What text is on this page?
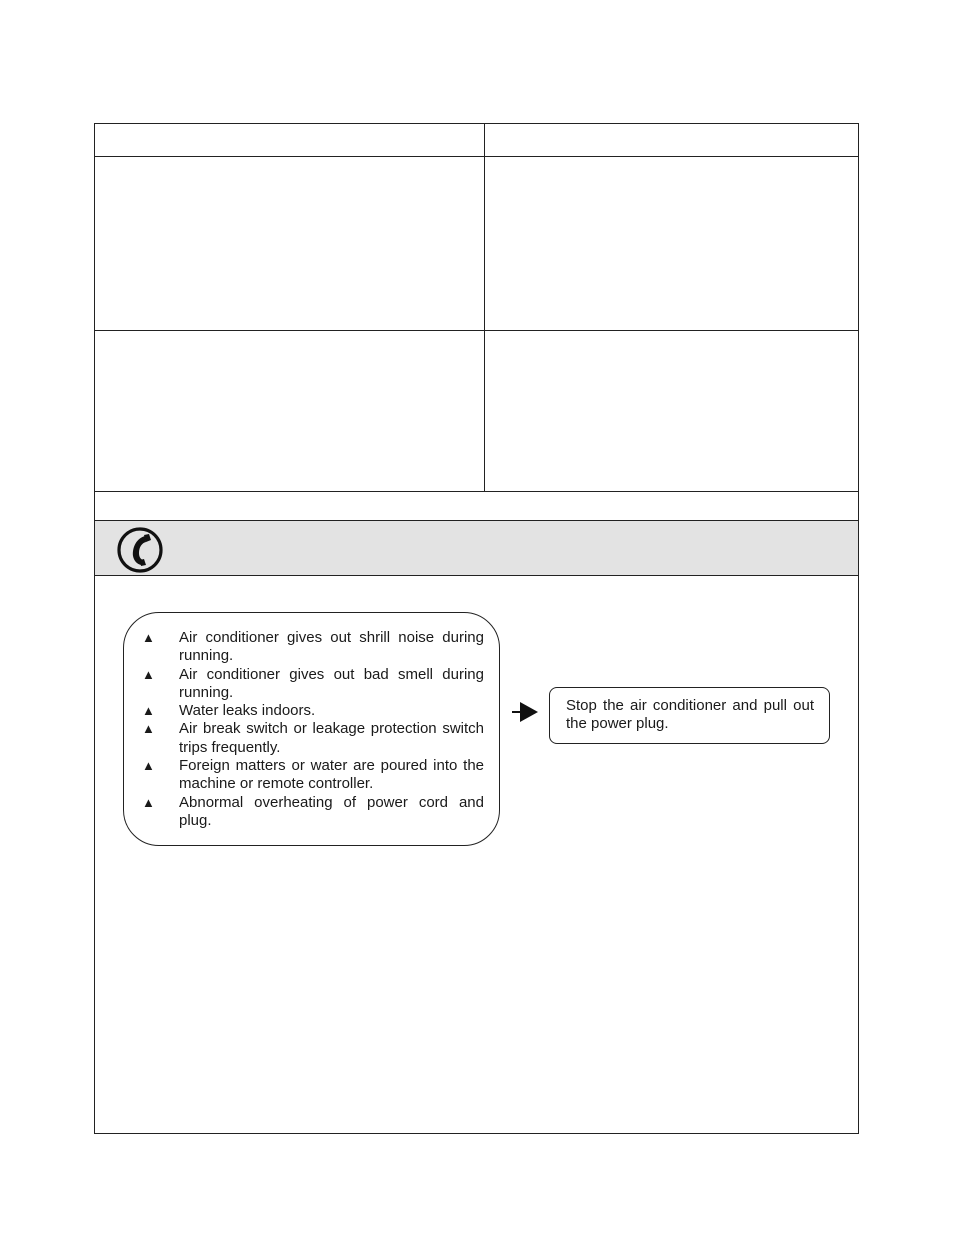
▲ Air conditioner gives out shrill noise during running.
▲ Air conditioner gives out bad smell during running.
▲ Water leaks indoors.
▲ Air break switch or leakage protection switch trips frequently.
▲ Foreign matters or water are poured into the machine or remote controller.
▲ Abnormal overheating of power cord and plug.

Stop the air conditioner and pull out the power plug.
